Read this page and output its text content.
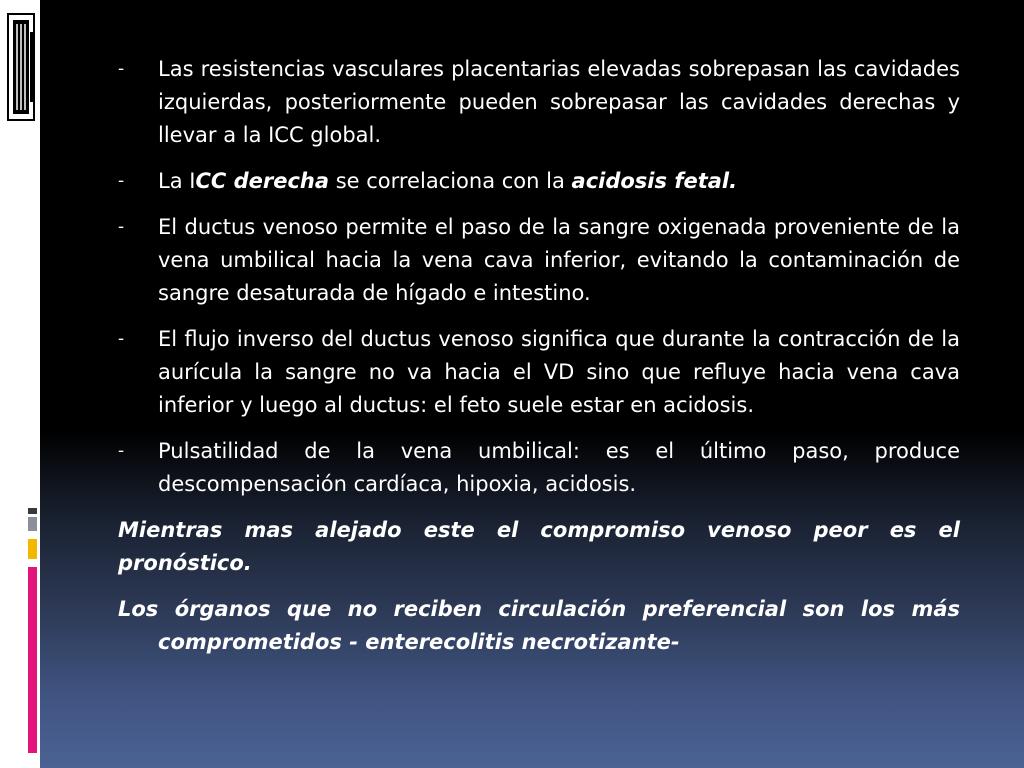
-	Las resistencias vasculares placentarias elevadas sobrepasan las cavidades izquierdas, posteriormente pueden sobrepasar las cavidades derechas y llevar a la ICC global.
-	La ICC derecha se correlaciona con la acidosis fetal.
-	El ductus venoso permite el paso de la sangre oxigenada proveniente de la vena umbilical hacia la vena cava inferior, evitando la contaminación de sangre desaturada de hígado e intestino.
-	El flujo inverso del ductus venoso significa que durante la contracción de la aurícula la sangre no va hacia el VD sino que refluye hacia vena cava inferior y luego al ductus: el feto suele estar en acidosis.
-	Pulsatilidad de la vena umbilical: es el último paso, produce descompensación cardíaca, hipoxia, acidosis.
Mientras mas alejado este el compromiso venoso peor es el pronóstico.
Los órganos que no reciben circulación preferencial son los más comprometidos - enterecolitis necrotizante-
